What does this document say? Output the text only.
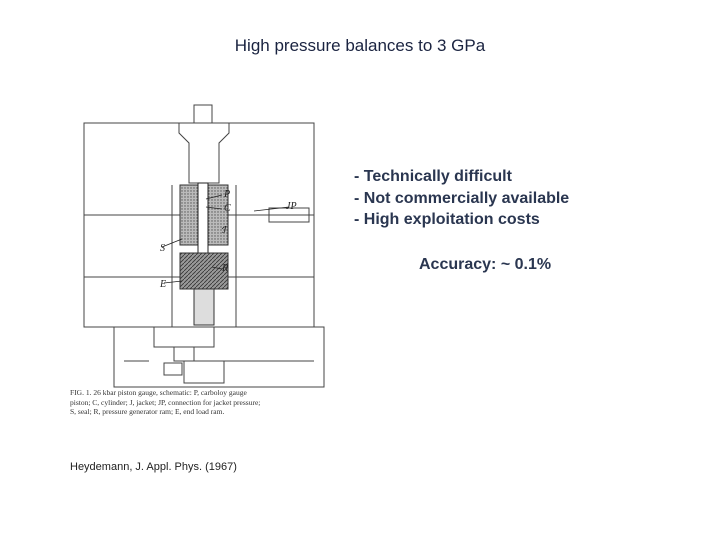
High pressure balances to 3 GPa
- Technically difficult
- Not commercially available
- High exploitation costs
Accuracy: ~ 0.1%
P
C	JP
J
S
R
E
FIG. 1. 26 kbar piston gauge, schematic: P, carboloy gauge
piston; C, cylinder; J, jacket; JP, connection for jacket pressure;
S, seal; R, pressure generator ram; E, end load ram.
Heydemann, J. Appl. Phys. (1967)
